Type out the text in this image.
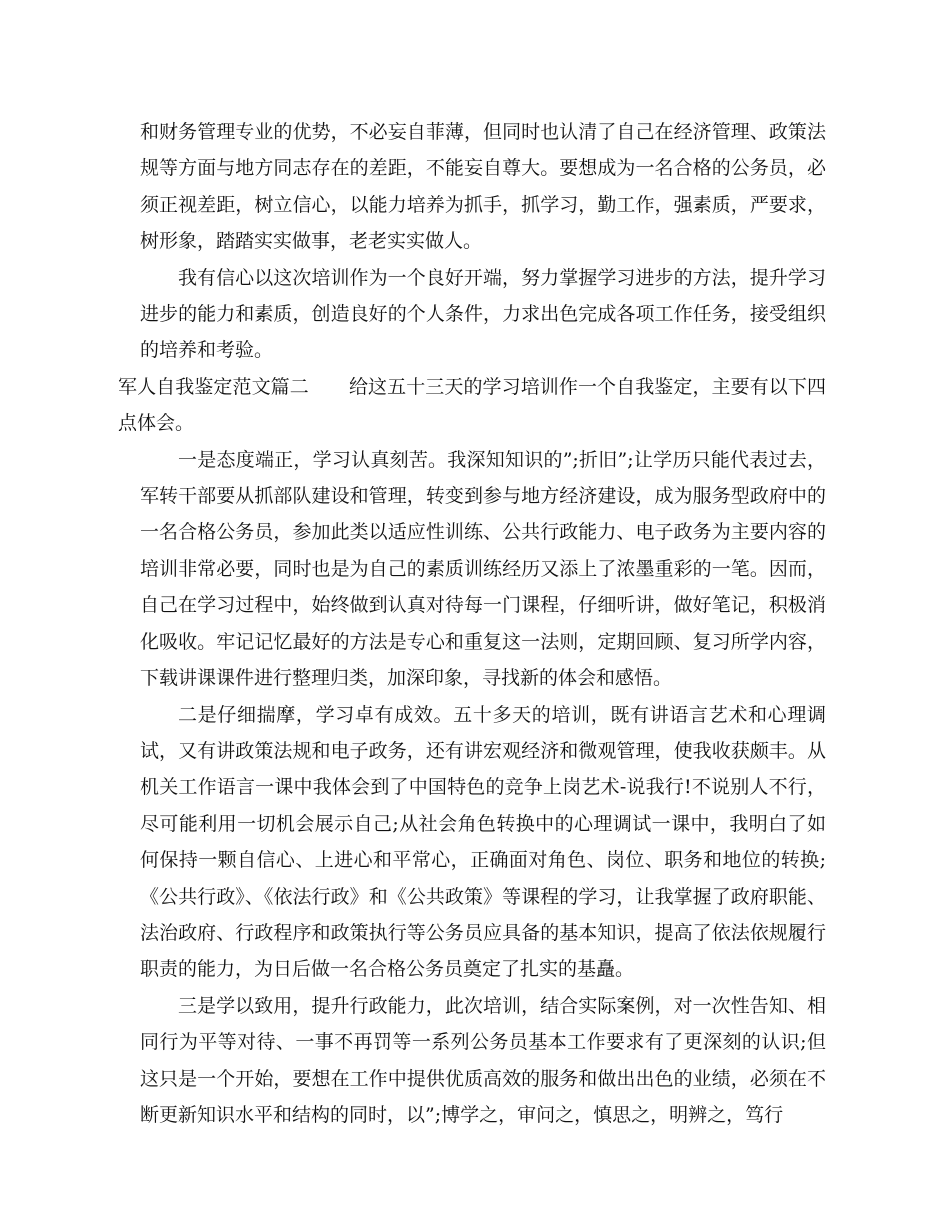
和财务管理专业的优势，不必妄自菲薄，但同时也认清了自己在经济管理、政策法规等方面与地方同志存在的差距，不能妄自尊大。要想成为一名合格的公务员，必须正视差距，树立信心，以能力培养为抓手，抓学习，勤工作，强素质，严要求，树形象，踏踏实实做事，老老实实做人。

我有信心以这次培训作为一个良好开端，努力掌握学习进步的方法，提升学习进步的能力和素质，创造良好的个人条件，力求出色完成各项工作任务，接受组织的培养和考验。

军人自我鉴定范文篇二 给这五十三天的学习培训作一个自我鉴定，主要有以下四点体会。

一是态度端正，学习认真刻苦。我深知知识的”;折旧”;让学历只能代表过去，军转干部要从抓部队建设和管理，转变到参与地方经济建设，成为服务型政府中的一名合格公务员，参加此类以适应性训练、公共行政能力、电子政务为主要内容的培训非常必要，同时也是为自己的素质训练经历又添上了浓墨重彩的一笔。因而，自己在学习过程中，始终做到认真对待每一门课程，仔细听讲，做好笔记，积极消化吸收。牢记记忆最好的方法是专心和重复这一法则，定期回顾、复习所学内容，下载讲课课件进行整理归类，加深印象，寻找新的体会和感悟。

二是仔细揣摩，学习卓有成效。五十多天的培训，既有讲语言艺术和心理调试，又有讲政策法规和电子政务，还有讲宏观经济和微观管理，使我收获颇丰。从机关工作语言一课中我体会到了中国特色的竞争上岗艺术-说我行!不说别人不行，尽可能利用一切机会展示自己;从社会角色转换中的心理调试一课中，我明白了如何保持一颗自信心、上进心和平常心，正确面对角色、岗位、职务和地位的转换;《公共行政》、《依法行政》和《公共政策》等课程的学习，让我掌握了政府职能、法治政府、行政程序和政策执行等公务员应具备的基本知识，提高了依法依规履行职责的能力，为日后做一名合格公务员奠定了扎实的基矗。

三是学以致用，提升行政能力，此次培训，结合实际案例，对一次性告知、相同行为平等对待、一事不再罚等一系列公务员基本工作要求有了更深刻的认识;但这只是一个开始，要想在工作中提供优质高效的服务和做出出色的业绩，必须在不断更新知识水平和结构的同时，以”;博学之，审问之，慎思之，明辨之，笃行
